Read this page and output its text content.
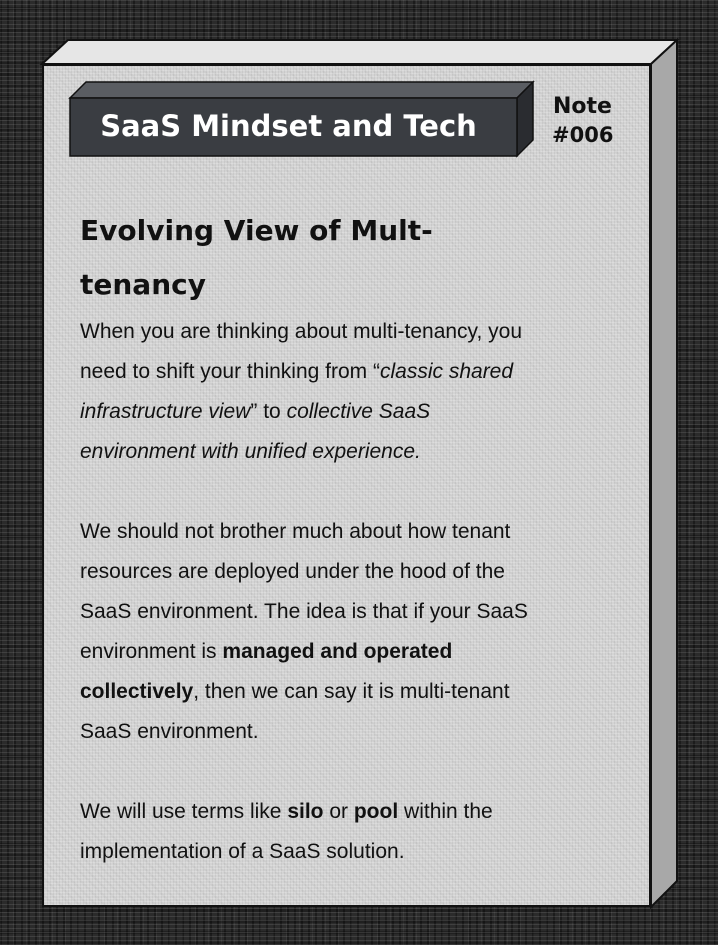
SaaS Mindset and Tech
Note
#006
Evolving View of Mult-
tenancy

When you are thinking about multi-tenancy, you
need to shift your thinking from “classic shared
infrastructure view” to collective SaaS
environment with unified experience.

We should not brother much about how tenant
resources are deployed under the hood of the
SaaS environment. The idea is that if your SaaS
environment is managed and operated
collectively, then we can say it is multi-tenant
SaaS environment.

We will use terms like silo or pool within the
implementation of a SaaS solution.
